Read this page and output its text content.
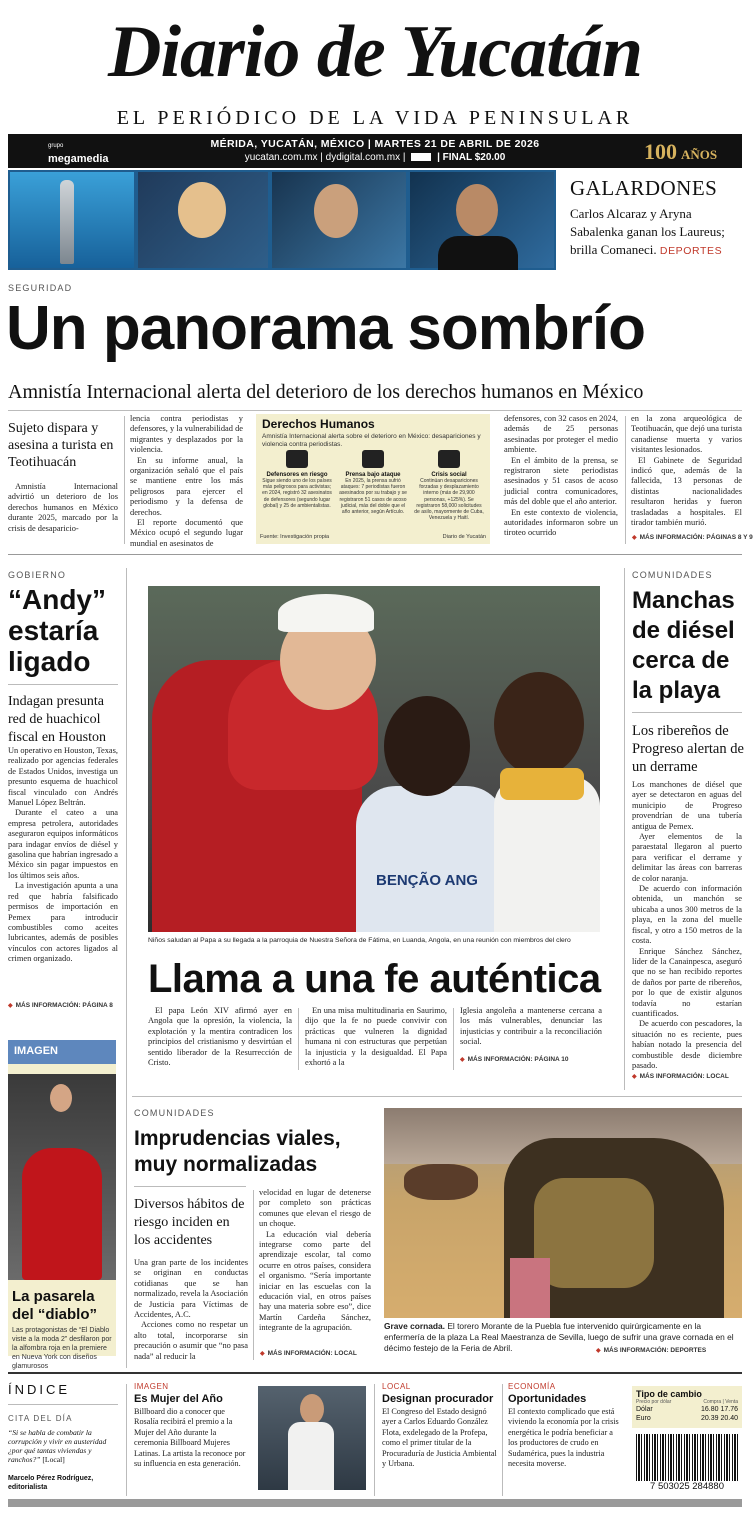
Diario de Yucatán
EL PERIÓDICO DE LA VIDA PENINSULAR
grupo
megamedia
MÉRIDA, YUCATÁN, MÉXICO | MARTES 21 DE ABRIL DE 2026
yucatan.com.mx | dydigital.com.mx |	| FINAL $20.00	100 AÑOS
GALARDONES
Carlos Alcaraz y Aryna Sabalenka ganan los Laureus; brilla Comaneci. DEPORTES
SEGURIDAD
Un panorama sombrío
Amnistía Internacional alerta del deterioro de los derechos humanos en México
Sujeto dispara y asesina a turista en Teotihuacán
Amnistía Internacional advirtió un deterioro de los derechos humanos en México durante 2025, marcado por la crisis de desaparicio-
lencia contra periodistas y defensores, y la vulnerabilidad de migrantes y desplazados por la violencia.
En su informe anual, la organización señaló que el país se mantiene entre los más peligrosos para ejercer el periodismo y la defensa de derechos.
El reporte documentó que México ocupó el segundo lugar mundial en asesinatos de
Derechos Humanos
Amnistía Internacional alerta sobre el deterioro en México: desapariciones y violencia contra periodistas.
Defensores en riesgo
Sigue siendo uno de los países más peligrosos para activistas; en 2024, registró 32 asesinatos de defensores (segundo lugar global) y 25 de ambientalistas.
Prensa bajo ataque
En 2025, la prensa sufrió ataques: 7 periodistas fueron asesinados por su trabajo y se registraron 51 casos de acoso judicial, más del doble que el año anterior, según Artículo.
Crisis social
Continúan desapariciones forzadas y desplazamiento interno (más de 29,900 personas, +125%). Se registraron 58,000 solicitudes de asilo, mayormente de Cuba, Venezuela y Haití.
Fuente: Investigación propia	Diario de Yucatán
defensores, con 32 casos en 2024, además de 25 personas asesinadas por proteger el medio ambiente.
En el ámbito de la prensa, se registraron siete periodistas asesinados y 51 casos de acoso judicial contra comunicadores, más del doble que el año anterior.
En este contexto de violencia, autoridades informaron sobre un tiroteo ocurrido
en la zona arqueológica de Teotihuacán, que dejó una turista canadiense muerta y varios visitantes lesionados.
El Gabinete de Seguridad indicó que, además de la fallecida, 13 personas de distintas nacionalidades resultaron heridas y fueron trasladadas a hospitales. El tirador también murió.
◆ MÁS INFORMACIÓN: PÁGINAS 8 Y 9
GOBIERNO
“Andy” estaría ligado
Indagan presunta red de huachicol fiscal en Houston
Un operativo en Houston, Texas, realizado por agencias federales de Estados Unidos, investiga un presunto esquema de huachicol fiscal vinculado con Andrés Manuel López Beltrán.
Durante el cateo a una empresa petrolera, autoridades aseguraron equipos informáticos para indagar envíos de diésel y gasolina que habrían ingresado a México sin pagar impuestos en los últimos seis años.
La investigación apunta a una red que habría falsificado permisos de importación en Pemex para introducir combustibles como aceites lubricantes, además de posibles vínculos con actores ligados al crimen organizado.
◆ MÁS INFORMACIÓN: PÁGINA 8
IMAGEN
La pasarela del “diablo”
Las protagonistas de “El Diablo viste a la moda 2” desfilaron por la alfombra roja en la premiere en Nueva York con diseños glamurosos
BENÇÃO ANG
Niños saludan al Papa a su llegada a la parroquia de Nuestra Señora de Fátima, en Luanda, Angola, en una reunión con miembros del clero
Llama a una fe auténtica
El papa León XIV afirmó ayer en Angola que la opresión, la violencia, la explotación y la mentira contradicen los principios del cristianismo y desvirtúan el sentido liberador de la Resurrección de Cristo.
En una misa multitudinaria en Saurimo, dijo que la fe no puede convivir con prácticas que vulneren la dignidad humana ni con estructuras que perpetúan la injusticia y la desigualdad. El Papa exhortó a la
Iglesia angoleña a mantenerse cercana a los más vulnerables, denunciar las injusticias y contribuir a la reconciliación social.
◆ MÁS INFORMACIÓN: PÁGINA 10
COMUNIDADES
Manchas de diésel cerca de la playa
Los ribereños de Progreso alertan de un derrame
Los manchones de diésel que ayer se detectaron en aguas del municipio de Progreso provendrían de una tubería antigua de Pemex.
Ayer elementos de la paraestatal llegaron al puerto para verificar el derrame y delimitar las áreas con barreras de color naranja.
De acuerdo con información obtenida, un manchón se ubicaba a unos 300 metros de la playa, en la zona del muelle fiscal, y otro a 150 metros de la costa.
Enrique Sánchez Sánchez, líder de la Canainpesca, aseguró que no se han recibido reportes de daños por parte de ribereños, por lo que de existir algunos todavía no estarían cuantificados.
De acuerdo con pescadores, la situación no es reciente, pues habían notado la presencia del combustible desde diciembre pasado.
◆ MÁS INFORMACIÓN: LOCAL
COMUNIDADES
Imprudencias viales, muy normalizadas
Diversos hábitos de riesgo inciden en los accidentes
Una gran parte de los incidentes se originan en conductas cotidianas que se han normalizado, revela la Asociación de Justicia para Víctimas de Accidentes, A.C.
Acciones como no respetar un alto total, incorporarse sin precaución o asumir que “no pasa nada” al reducir la
velocidad en lugar de detenerse por completo son prácticas comunes que elevan el riesgo de un choque.
La educación vial debería integrarse como parte del aprendizaje escolar, tal como ocurre en otros países, considera el organismo. “Sería importante iniciar en las escuelas con la educación vial, en otros países hay una materia sobre eso”, dice Martín Cardeña Sánchez, integrante de la agrupación.
◆ MÁS INFORMACIÓN: LOCAL
Grave cornada. El torero Morante de la Puebla fue intervenido quirúrgicamente en la enfermería de la plaza La Real Maestranza de Sevilla, luego de sufrir una grave cornada en el décimo festejo de la Feria de Abril.
◆	MÁS INFORMACIÓN: DEPORTES
ÍNDICE
CITA DEL DÍA
“Si se habla de combatir la corrupción y vivir en austeridad ¿por qué tantas viviendas y ranchos?” [Local]
Marcelo Pérez Rodríguez, editorialista
IMAGEN
Es Mujer del Año
Billboard dio a conocer que Rosalía recibirá el premio a la Mujer del Año durante la ceremonia Billboard Mujeres Latinas. La artista la reconoce por su influencia en esta generación.
LOCAL
Designan procurador
El Congreso del Estado designó ayer a Carlos Eduardo González Flota, exdelegado de la Profepa, como el primer titular de la Procuraduría de Justicia Ambiental y Urbana.
ECONOMÍA
Oportunidades
El contexto complicado que está viviendo la economía por la crisis energética le podría beneficiar a los productores de crudo en Sudamérica, pues la industria necesita moverse.
Tipo de cambio
Precio por dólar	Compra | Venta
Dólar	16.80 17.76
Euro	20.39 20.40
7 503025 284880
